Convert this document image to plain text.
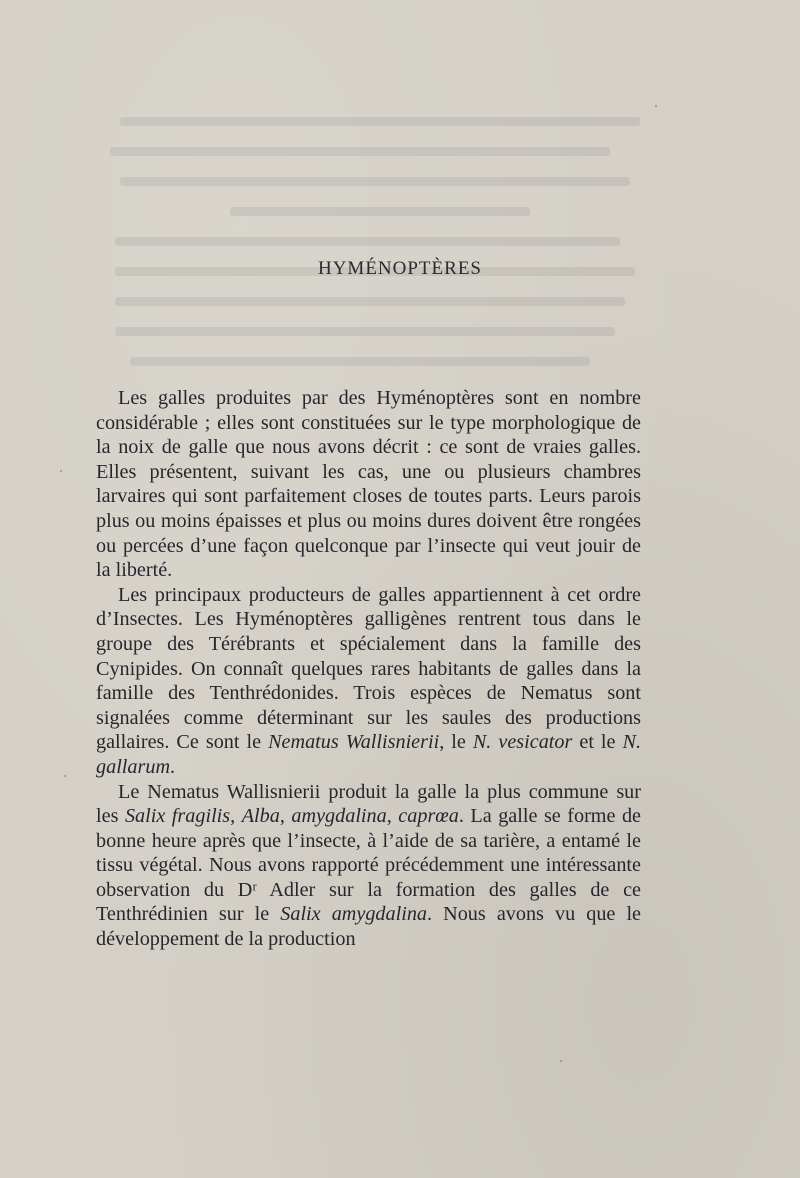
HYMÉNOPTÈRES

Les galles produites par des Hyménoptères sont en nombre considérable ; elles sont constituées sur le type morphologique de la noix de galle que nous avons décrit : ce sont de vraies galles. Elles présentent, suivant les cas, une ou plusieurs chambres larvaires qui sont parfaitement closes de toutes parts. Leurs parois plus ou moins épaisses et plus ou moins dures doivent être rongées ou percées d’une façon quelconque par l’insecte qui veut jouir de la liberté.

Les principaux producteurs de galles appartiennent à cet ordre d’Insectes. Les Hyménoptères galligènes rentrent tous dans le groupe des Térébrants et spécialement dans la famille des Cynipides. On connaît quelques rares habitants de galles dans la famille des Tenthrédonides. Trois espèces de Nematus sont signalées comme déterminant sur les saules des productions gallaires. Ce sont le Nematus Wallisnierii, le N. vesicator et le N. gallarum.

Le Nematus Wallisnierii produit la galle la plus commune sur les Salix fragilis, Alba, amygdalina, caprœa. La galle se forme de bonne heure après que l’insecte, à l’aide de sa tarière, a entamé le tissu végétal. Nous avons rapporté précédemment une intéressante observation du Dʳ Adler sur la formation des galles de ce Tenthrédinien sur le Salix amygdalina. Nous avons vu que le développement de la production
